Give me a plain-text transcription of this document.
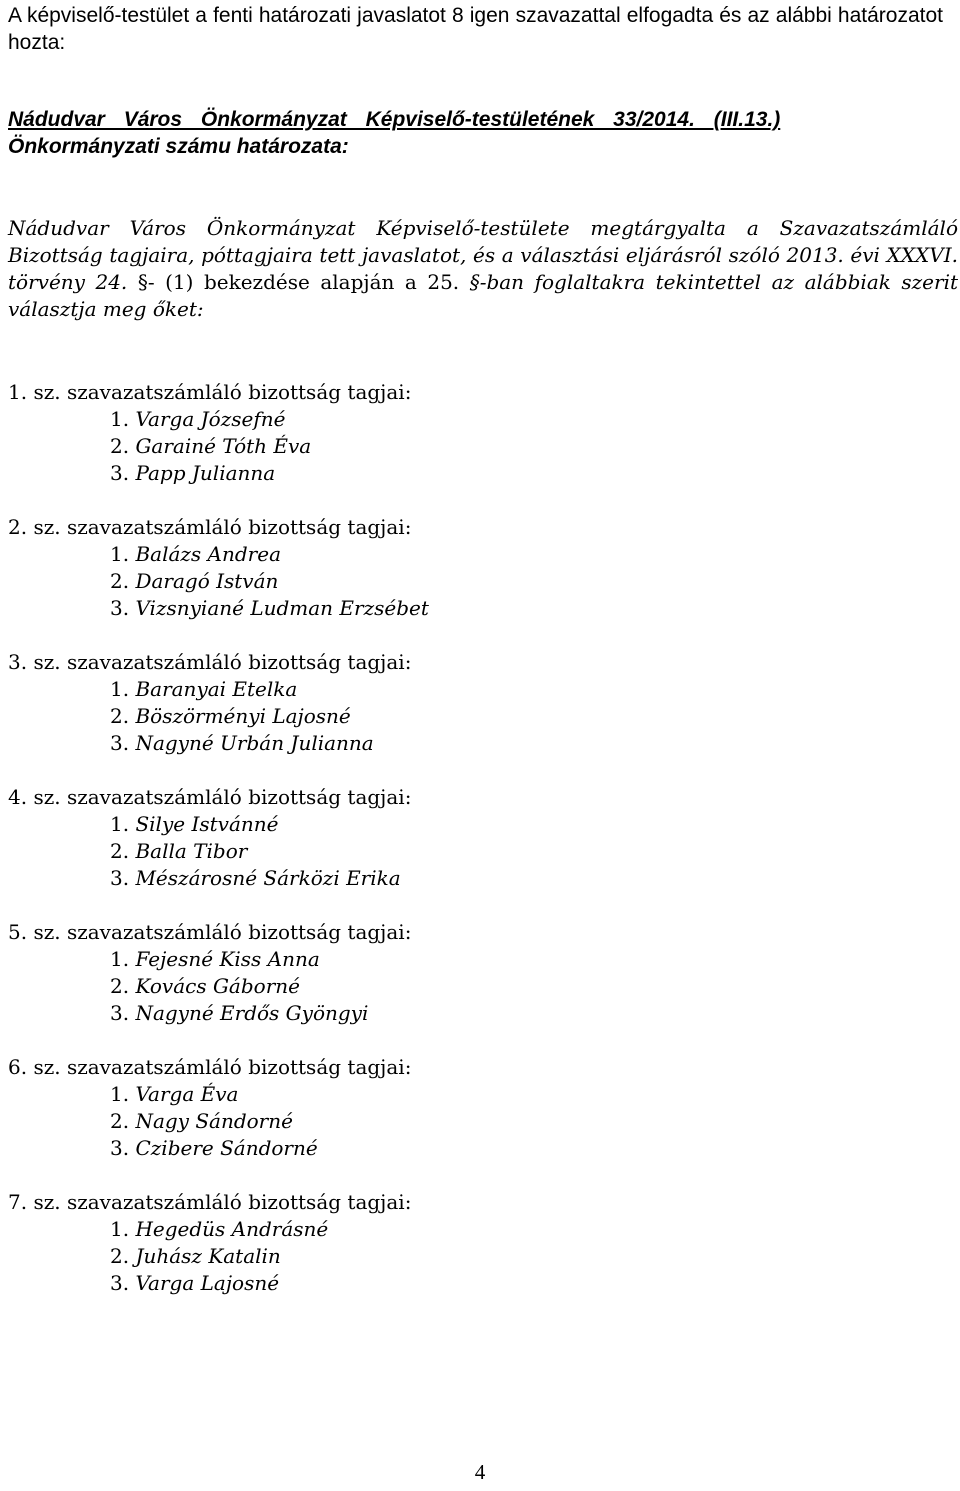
A képviselő-testület a fenti határozati javaslatot 8 igen szavazattal elfogadta és az alábbi határozatot hozta:

Nádudvar Város Önkormányzat Képviselő-testületének 33/2014. (III.13.)
Önkormányzati számu határozata:

Nádudvar Város Önkormányzat Képviselő-testülete megtárgyalta a Szavazatszámláló Bizottság tagjaira, póttagjaira tett javaslatot, és a választási eljárásról szóló 2013. évi XXXVI. törvény 24. §- (1) bekezdése alapján a 25. §-ban foglaltakra tekintettel az alábbiak szerit választja meg őket:

1. sz. szavazatszámláló bizottság tagjai:
1. Varga Józsefné
2. Garainé Tóth Éva
3. Papp Julianna
2. sz. szavazatszámláló bizottság tagjai:
1. Balázs Andrea
2. Daragó István
3. Vizsnyiané Ludman Erzsébet
3. sz. szavazatszámláló bizottság tagjai:
1. Baranyai Etelka
2. Böszörményi Lajosné
3. Nagyné Urbán Julianna
4. sz. szavazatszámláló bizottság tagjai:
1. Silye Istvánné
2. Balla Tibor
3. Mészárosné Sárközi Erika
5. sz. szavazatszámláló bizottság tagjai:
1. Fejesné Kiss Anna
2. Kovács Gáborné
3. Nagyné Erdős Gyöngyi
6. sz. szavazatszámláló bizottság tagjai:
1. Varga Éva
2. Nagy Sándorné
3. Czibere Sándorné
7. sz. szavazatszámláló bizottság tagjai:
1. Hegedüs Andrásné
2. Juhász Katalin
3. Varga Lajosné
4
